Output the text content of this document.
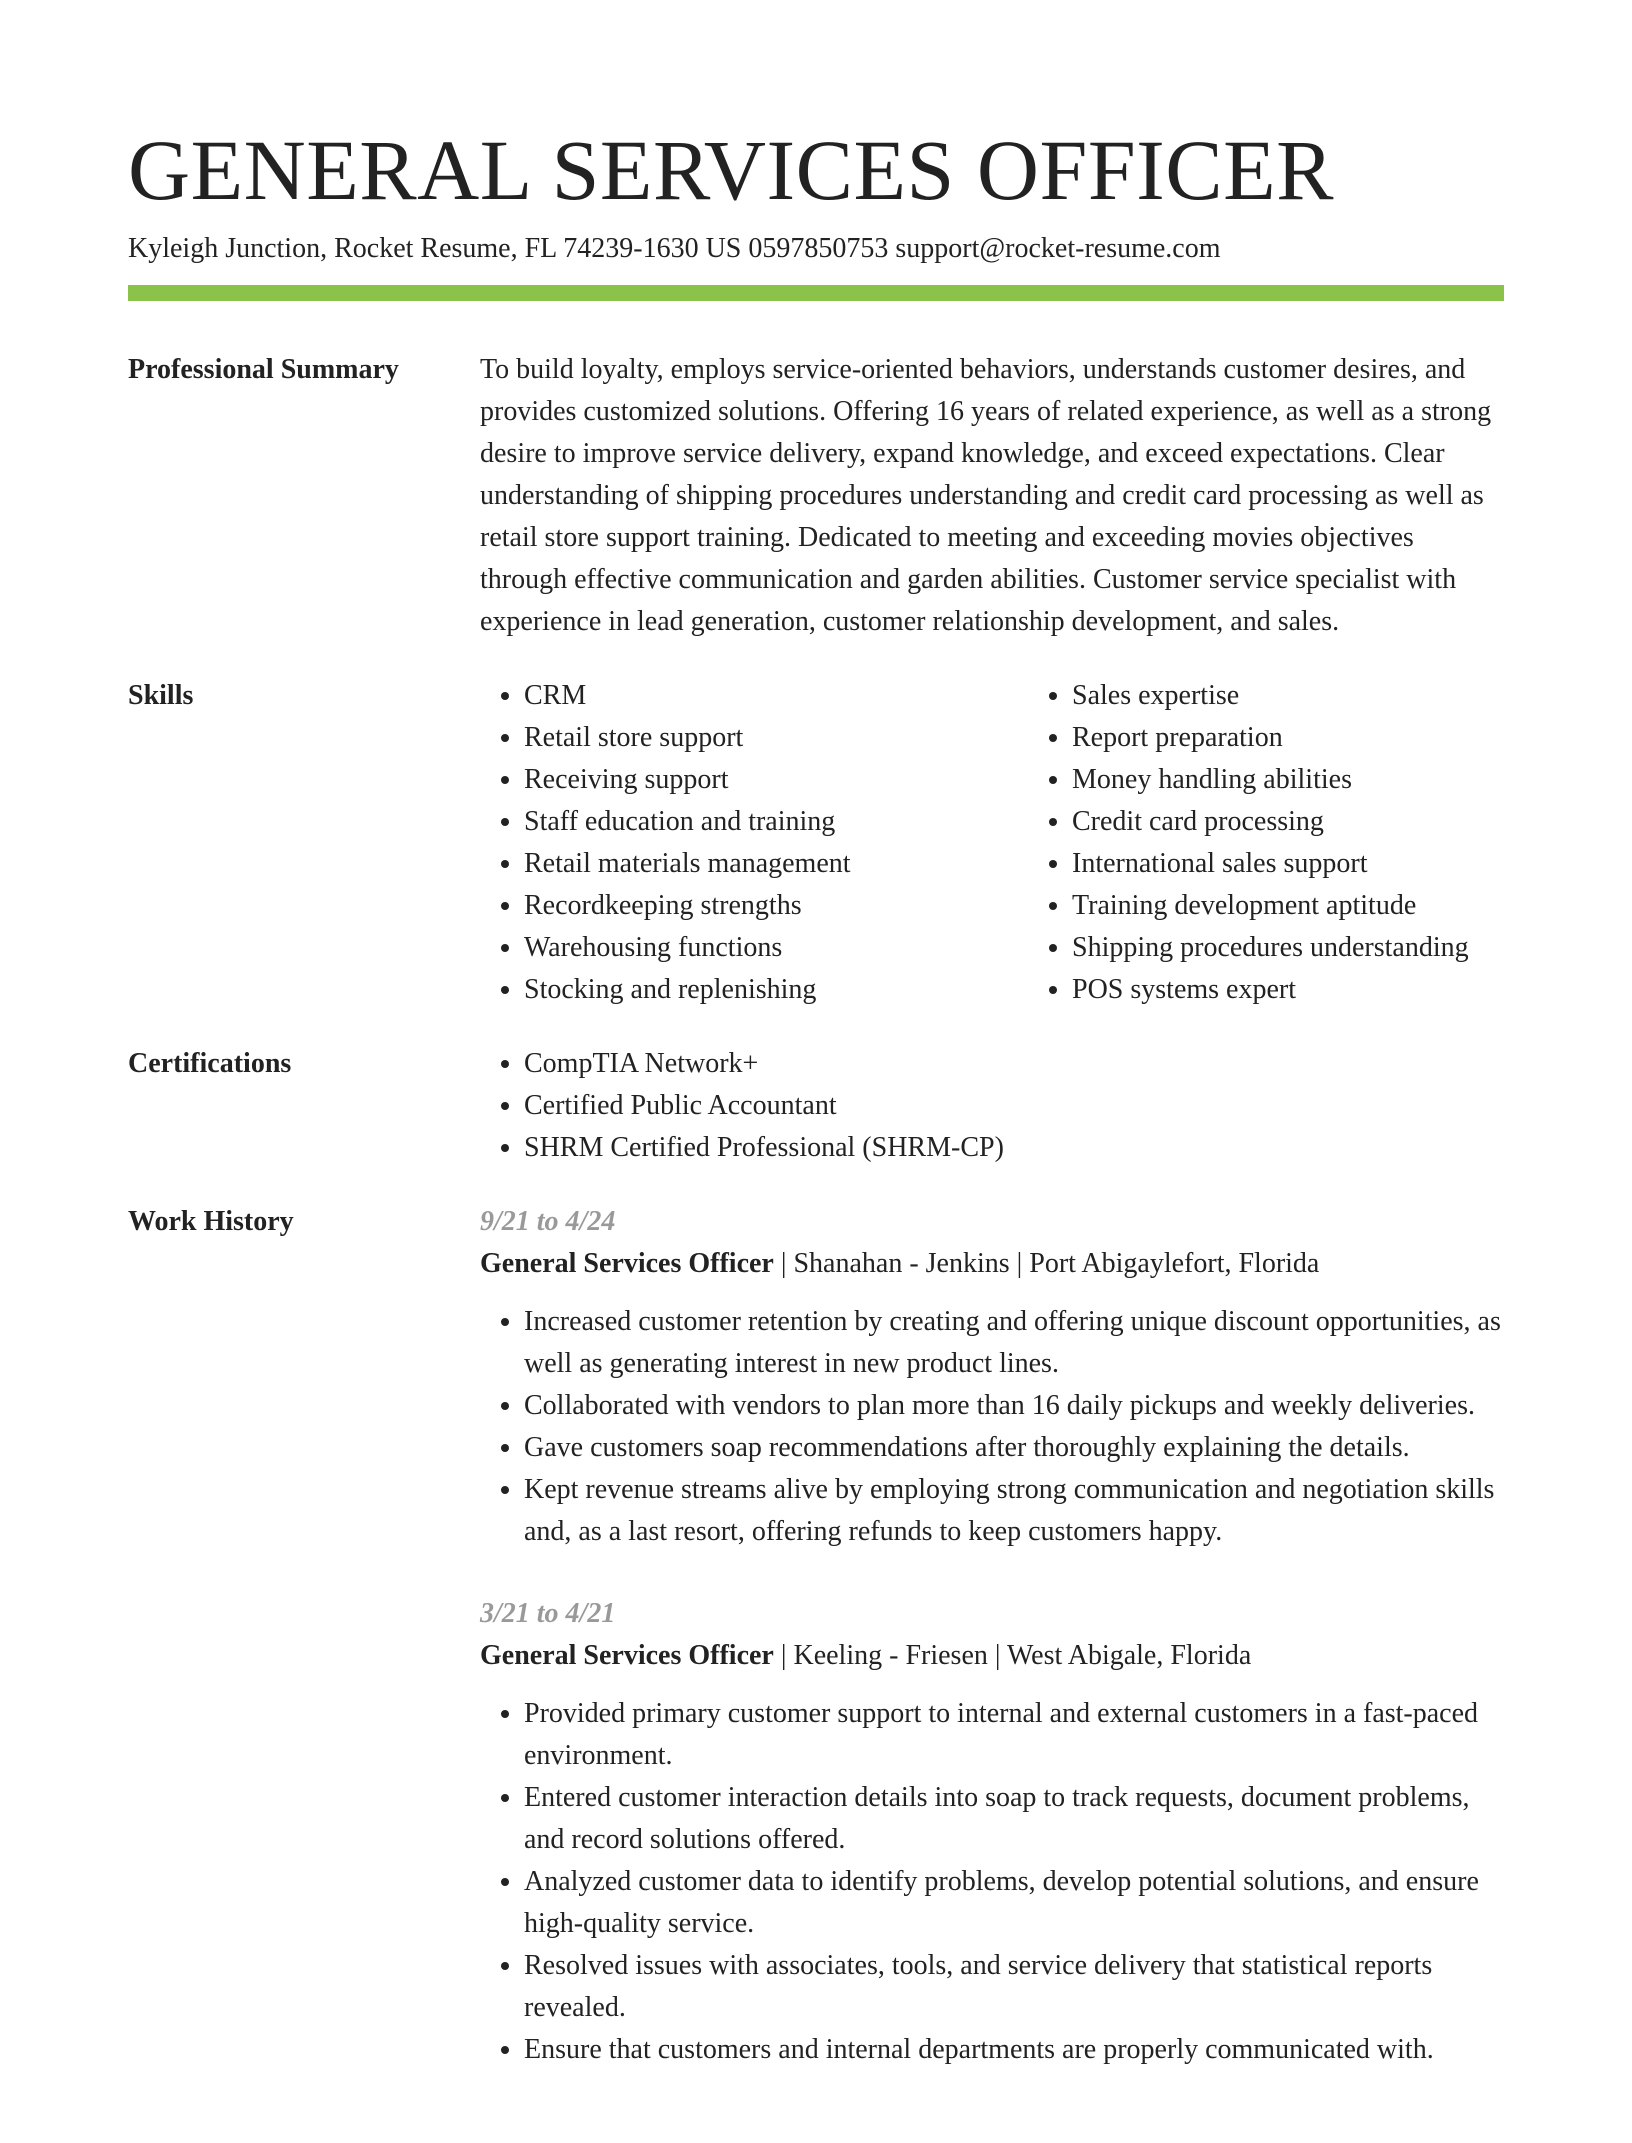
GENERAL SERVICES OFFICER
Kyleigh Junction, Rocket Resume, FL 74239-1630 US 0597850753 support@rocket-resume.com
Professional Summary	To build loyalty, employs service-oriented behaviors, understands customer desires, and provides customized solutions. Offering 16 years of related experience, as well as a strong desire to improve service delivery, expand knowledge, and exceed expectations. Clear understanding of shipping procedures understanding and credit card processing as well as retail store support training. Dedicated to meeting and exceeding movies objectives through effective communication and garden abilities. Customer service specialist with experience in lead generation, customer relationship development, and sales.

Skills	• CRM
• Retail store support
• Receiving support
• Staff education and training
• Retail materials management
• Recordkeeping strengths
• Warehousing functions
• Stocking and replenishing
• Sales expertise
• Report preparation
• Money handling abilities
• Credit card processing
• International sales support
• Training development aptitude
• Shipping procedures understanding
• POS systems expert
Certifications	• CompTIA Network+
• Certified Public Accountant
• SHRM Certified Professional (SHRM-CP)
Work History	9/21 to 4/24
General Services Officer | Shanahan - Jenkins | Port Abigaylefort, Florida
• Increased customer retention by creating and offering unique discount opportunities, as well as generating interest in new product lines.
• Collaborated with vendors to plan more than 16 daily pickups and weekly deliveries.
• Gave customers soap recommendations after thoroughly explaining the details.
• Kept revenue streams alive by employing strong communication and negotiation skills and, as a last resort, offering refunds to keep customers happy.
3/21 to 4/21
General Services Officer | Keeling - Friesen | West Abigale, Florida
• Provided primary customer support to internal and external customers in a fast-paced environment.
• Entered customer interaction details into soap to track requests, document problems, and record solutions offered.
• Analyzed customer data to identify problems, develop potential solutions, and ensure high-quality service.
• Resolved issues with associates, tools, and service delivery that statistical reports revealed.
• Ensure that customers and internal departments are properly communicated with.
